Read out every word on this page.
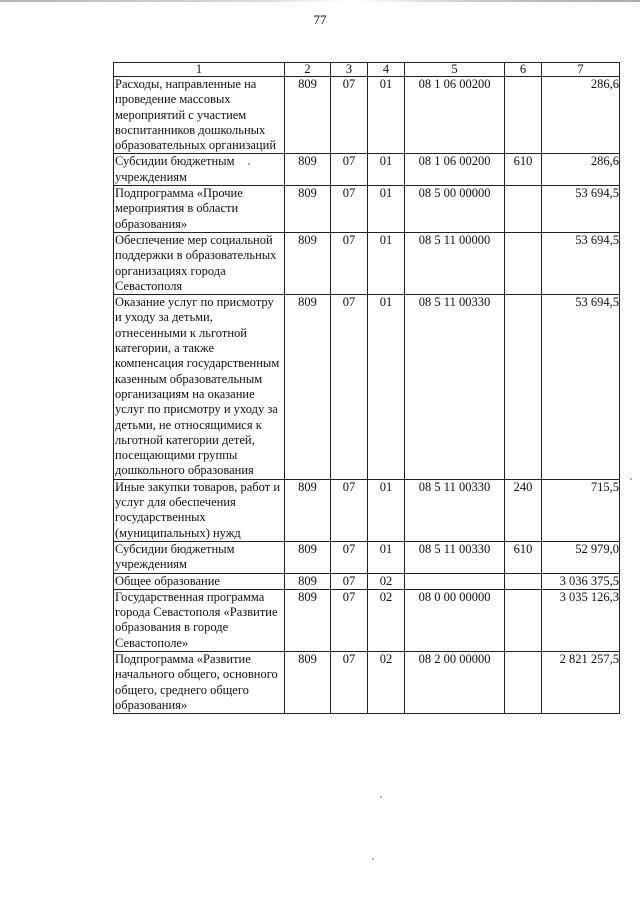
77
1	2	3	4	5	6	7
Расходы, направленные на проведение массовых мероприятий с участием воспитанников дошкольных образовательных организаций	809	07	01	08 1 06 00200		286,6
Субсидии бюджетным учреждениям	809	07	01	08 1 06 00200	610	286,6
Подпрограмма «Прочие мероприятия в области образования»	809	07	01	08 5 00 00000		53 694,5
Обеспечение мер социальной поддержки в образовательных организациях города Севастополя	809	07	01	08 5 11 00000		53 694,5
Оказание услуг по присмотру и уходу за детьми, отнесенными к льготной категории, а также компенсация государственным казенным образовательным организациям на оказание услуг по присмотру и уходу за детьми, не относящимися к льготной категории детей, посещающими группы дошкольного образования	809	07	01	08 5 11 00330		53 694,5
Иные закупки товаров, работ и услуг для обеспечения государственных (муниципальных) нужд	809	07	01	08 5 11 00330	240	715,5
Субсидии бюджетным учреждениям	809	07	01	08 5 11 00330	610	52 979,0
Общее образование	809	07	02			3 036 375,5
Государственная программа города Севастополя «Развитие образования в городе Севастополе»	809	07	02	08 0 00 00000		3 035 126,3
Подпрограмма «Развитие начального общего, основного общего, среднего общего образования»	809	07	02	08 2 00 00000		2 821 257,5
